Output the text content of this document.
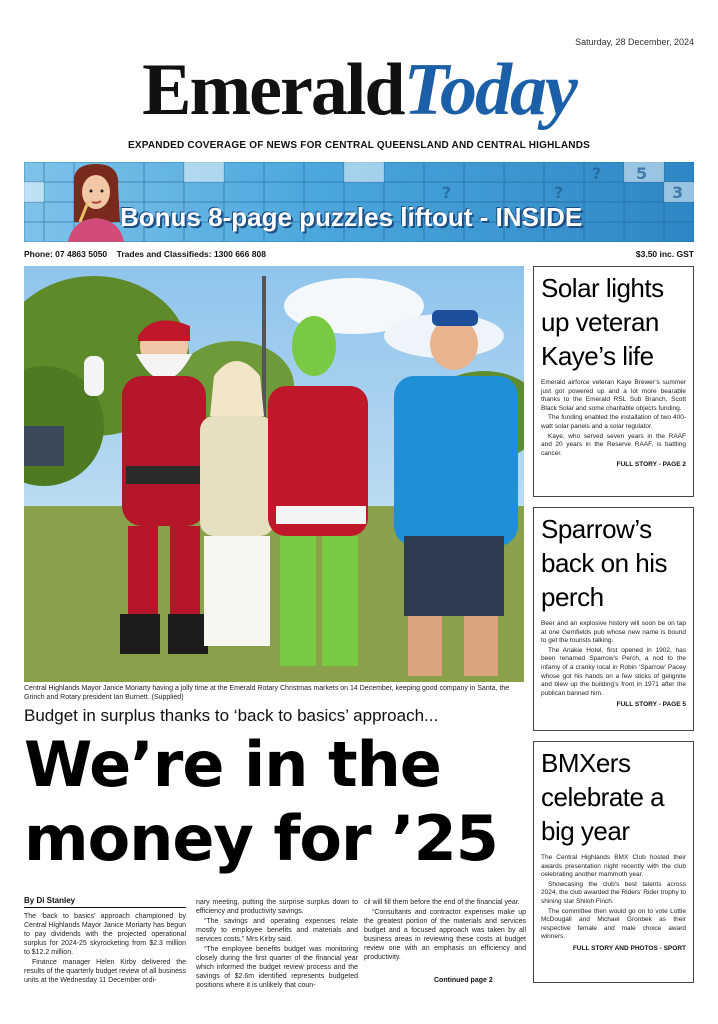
Saturday, 28 December, 2024
EmeraldToday
EXPANDED COVERAGE OF NEWS FOR CENTRAL QUEENSLAND AND CENTRAL HIGHLANDS
5
3
?
?	?
Bonus 8-page puzzles liftout - INSIDE
Phone: 07 4863 5050 Trades and Classifieds: 1300 666 808	$3.50 inc. GST
Central Highlands Mayor Janice Moriarty having a jolly time at the Emerald Rotary Christmas markets on 14 December, keeping good company in Santa, the Grinch and Rotary president Ian Burnett. (Supplied)
Budget in surplus thanks to ‘back to basics’ approach...
We’re in the money for ’25
By Di Stanley

The ‘back to basics’ approach championed by Central Highlands Mayor Janice Moriarty has begun to pay dividends with the projected operational surplus for 2024-25 skyrocketing from $2.3 million to $12.2 million.

Finance manager Helen Kirby delivered the results of the quarterly budget review of all business units at the Wednesday 11 December ordi-

nary meeting, putting the surprise surplus down to efficiency and productivity savings.

“The savings and operating expenses relate mostly to employee benefits and materials and services costs,” Mrs Kirby said.

“The employee benefits budget was monitoring closely during the first quarter of the financial year which informed the budget review process and the savings of $2.6m identified represents budgeted positions where it is unlikely that coun-

cil will fill them before the end of the financial year.

“Consultants and contractor expenses make up the greatest portion of the materials and services budget and a focused approach was taken by all business areas in reviewing these costs at budget review one with an emphasis on efficiency and productivity.

Continued page 2
Solar lights up veteran Kaye’s life

Emerald airforce veteran Kaye Brewer’s summer just got powered up and a lot more bearable thanks to the Emerald RSL Sub Branch, Scott Black Solar and some charitable objects funding.

The funding enabled the installation of two 400-watt solar panels and a solar regulator.

Kaye, who served seven years in the RAAF and 20 years in the Reserve RAAF, is battling cancer.

FULL STORY - PAGE 2
Sparrow’s back on his perch

Beer and an explosive history will soon be on tap at one Gemfields pub whose new name is bound to get the tourists talking.

The Anakie Hotel, first opened in 1902, has been renamed Sparrow’s Perch, a nod to the infamy of a cranky local in Robin ‘Sparrow’ Pacey whose got his hands on a few sticks of gelignite and blew up the building’s front in 1971 after the publican banned him.

FULL STORY - PAGE 5
BMXers celebrate a big year

The Central Highlands BMX Club hosted their awards presentation night recently with the club celebrating another mammoth year.

Showcasing the club’s best talents across 2024, the club awarded the Riders’ Rider trophy to shining star Shiloh Finch.

The committee then would go on to vote Lottie McDougall and Michael Gronbek as their respective female and male choice award winners.

FULL STORY AND PHOTOS - SPORT
